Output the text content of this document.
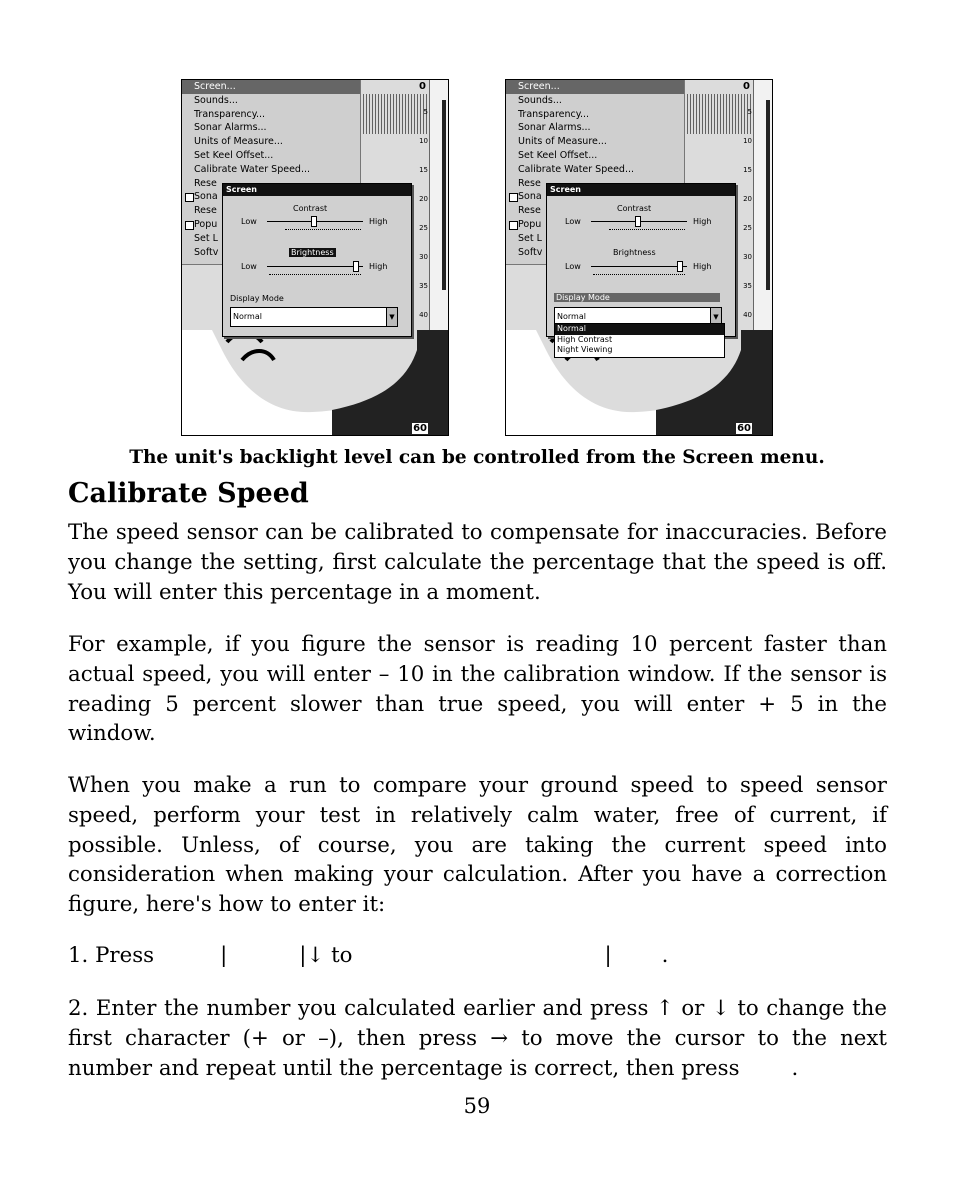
Screen...
Sounds...
Transparency...
Sonar Alarms...
Units of Measure...
Set Keel Offset...
Calibrate Water Speed...
Rese
Sona
Rese
Popu
Set L
Softv
5
10
15
20
25
30
35
40
0
60
Screen
Contrast
Low	High
Brightness
Low	High
Display Mode
Normal	▼
Screen...
Sounds...
Transparency...
Sonar Alarms...
Units of Measure...
Set Keel Offset...
Calibrate Water Speed...
Rese
Sona
Rese
Popu
Set L
Softv
5
10
15
20
25
30
35
40
0
60
Screen
Contrast
Low	High
Brightness
Low	High
Display Mode
Normal	▼
Normal
High Contrast
Night Viewing
The unit's backlight level can be controlled from the Screen menu.
Calibrate Speed
The speed sensor can be calibrated to compensate for inaccuracies. Before you change the setting, first calculate the percentage that the speed is off. You will enter this percentage in a moment.
For example, if you figure the sensor is reading 10 percent faster than actual speed, you will enter – 10 in the calibration window. If the sensor is reading 5 percent slower than true speed, you will enter + 5 in the window.
When you make a run to compare your ground speed to speed sensor speed, perform your test in relatively calm water, free of current, if possible. Unless, of course, you are taking the current speed into consideration when making your calculation. After you have a correction figure, here's how to enter it:
1. Press	|	|↓ to	| .
2. Enter the number you calculated earlier and press ↑ or ↓ to change the first character (+ or –), then press → to move the cursor to the next number and repeat until the percentage is correct, then press .
59
